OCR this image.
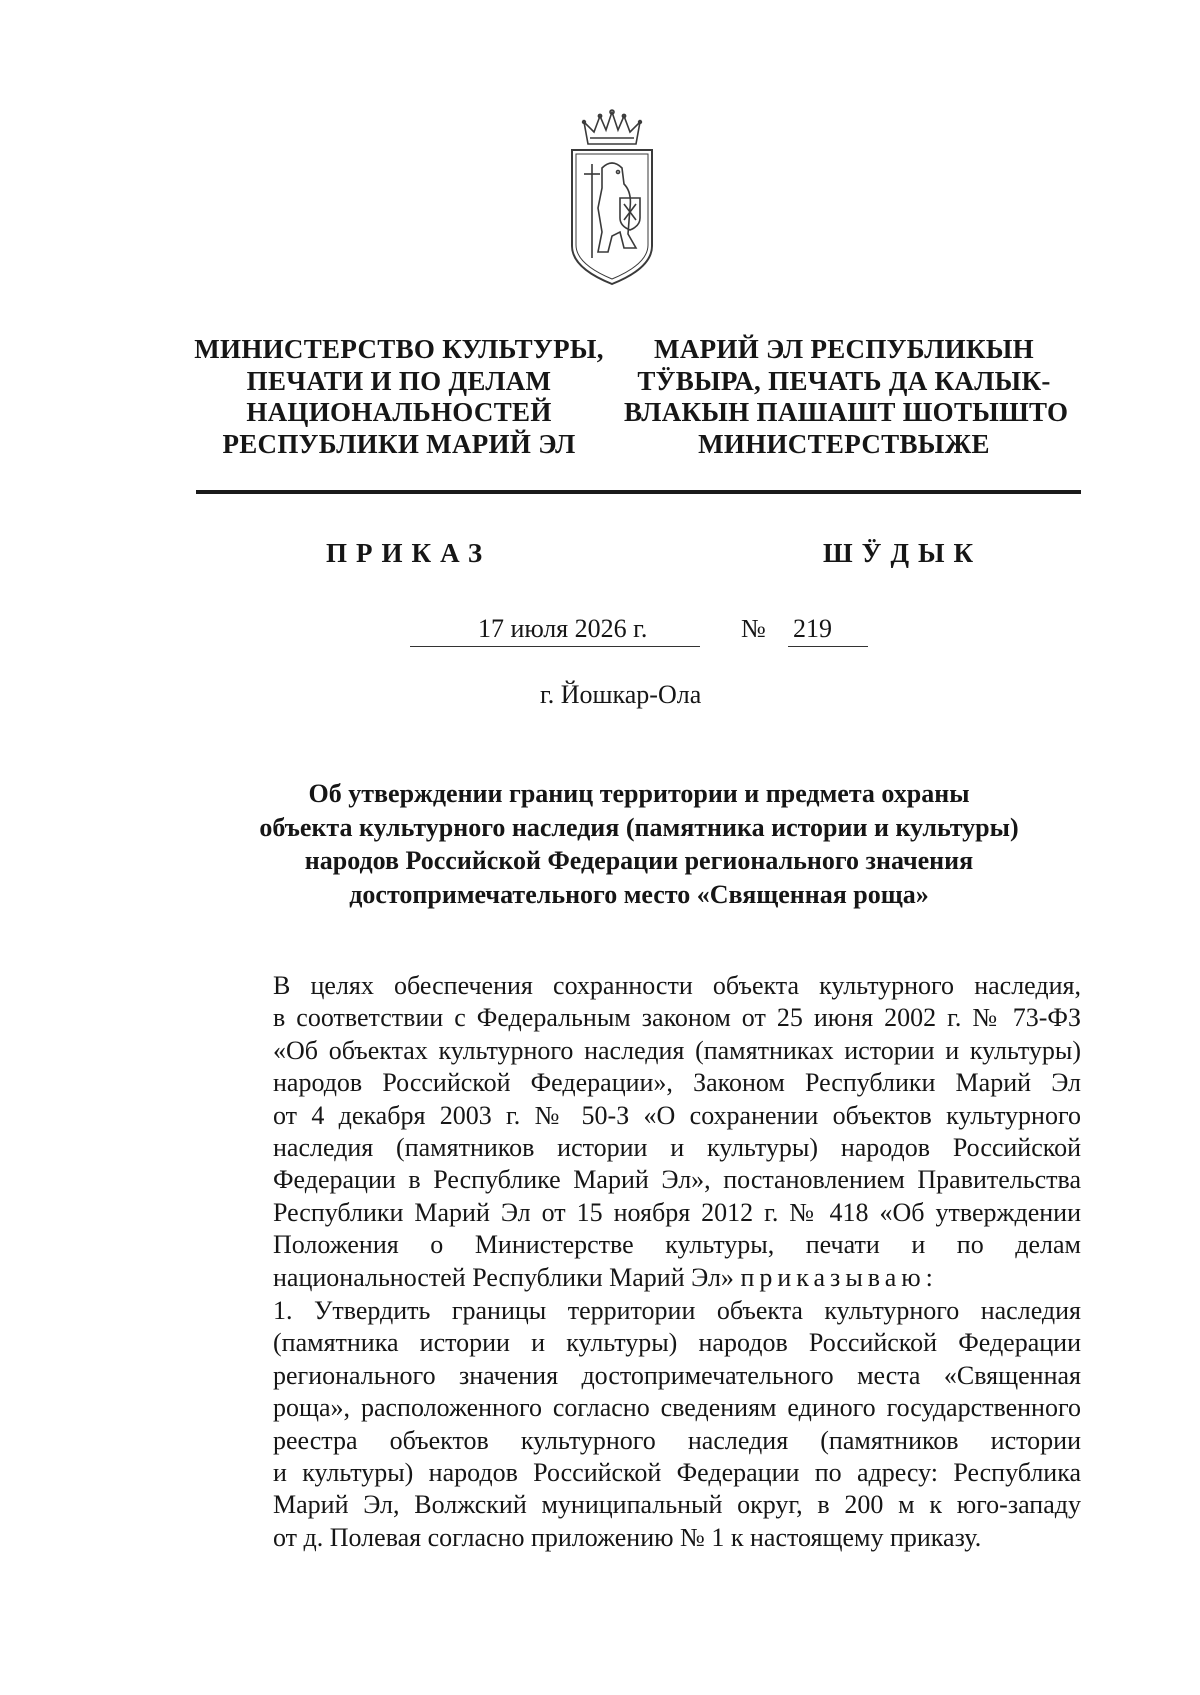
МИНИСТЕРСТВО КУЛЬТУРЫ,
ПЕЧАТИ И ПО ДЕЛАМ
НАЦИОНАЛЬНОСТЕЙ
РЕСПУБЛИКИ МАРИЙ ЭЛ
МАРИЙ ЭЛ РЕСПУБЛИКЫН
ТӰВЫРА, ПЕЧАТЬ ДА КАЛЫК-
ВЛАКЫН ПАШАШТ ШОТЫШТО
МИНИСТЕРСТВЫЖЕ
ПРИКАЗ	ШӰДЫК
17 июля 2026 г.	№ 219
г. Йошкар-Ола
Об утверждении границ территории и предмета охраны
объекта культурного наследия (памятника истории и культуры)
народов Российской Федерации регионального значения
достопримечательного место «Священная роща»
В целях обеспечения сохранности объекта культурного наследия,
в соответствии с Федеральным законом от 25 июня 2002 г. № 73-ФЗ
«Об объектах культурного наследия (памятниках истории и культуры)
народов Российской Федерации», Законом Республики Марий Эл
от 4 декабря 2003 г. № 50-З «О сохранении объектов культурного
наследия (памятников истории и культуры) народов Российской
Федерации в Республике Марий Эл», постановлением Правительства
Республики Марий Эл от 15 ноября 2012 г. № 418 «Об утверждении
Положения о Министерстве культуры, печати и по делам
национальностей Республики Марий Эл» приказываю:
1. Утвердить границы территории объекта культурного наследия
(памятника истории и культуры) народов Российской Федерации
регионального значения достопримечательного места «Священная
роща», расположенного согласно сведениям единого государственного
реестра объектов культурного наследия (памятников истории
и культуры) народов Российской Федерации по адресу: Республика
Марий Эл, Волжский муниципальный округ, в 200 м к юго-западу
от д. Полевая согласно приложению № 1 к настоящему приказу.
